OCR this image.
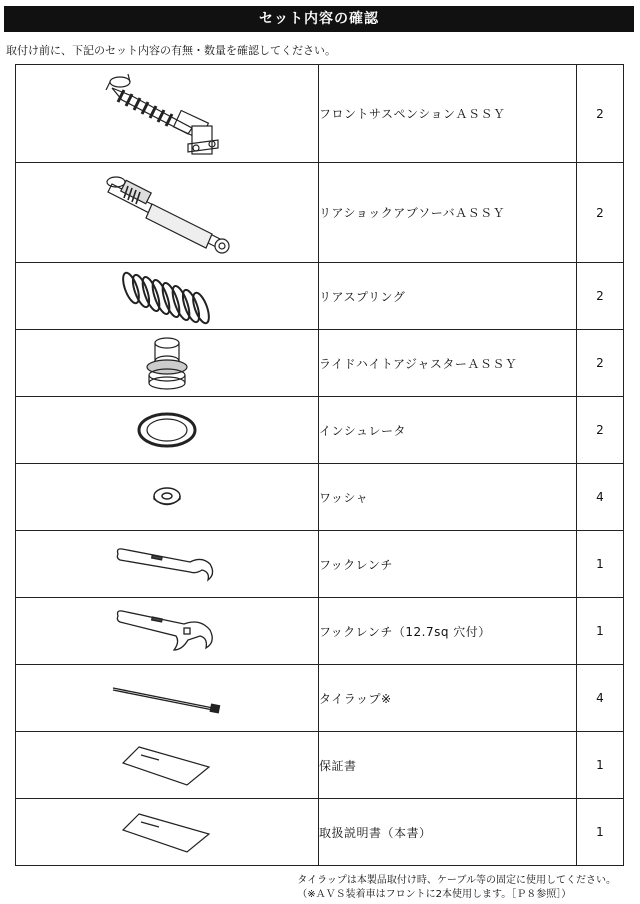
セット内容の確認
取付け前に、下記のセット内容の有無・数量を確認してください。
	フロントサスペンションＡＳＳＹ	2

	リアショックアブソーバＡＳＳＹ	2

	リアスプリング	2

	ライドハイトアジャスターＡＳＳＹ	2

	インシュレータ	2

	ワッシャ	4

	フックレンチ	1

	フックレンチ（12.7sq 穴付）	1

	タイラップ※	4

	保証書	1

	取扱説明書（本書）	1
タイラップは本製品取付け時、ケーブル等の固定に使用してください。
（※ＡＶＳ装着車はフロントに2本使用します。［Ｐ８参照］）
